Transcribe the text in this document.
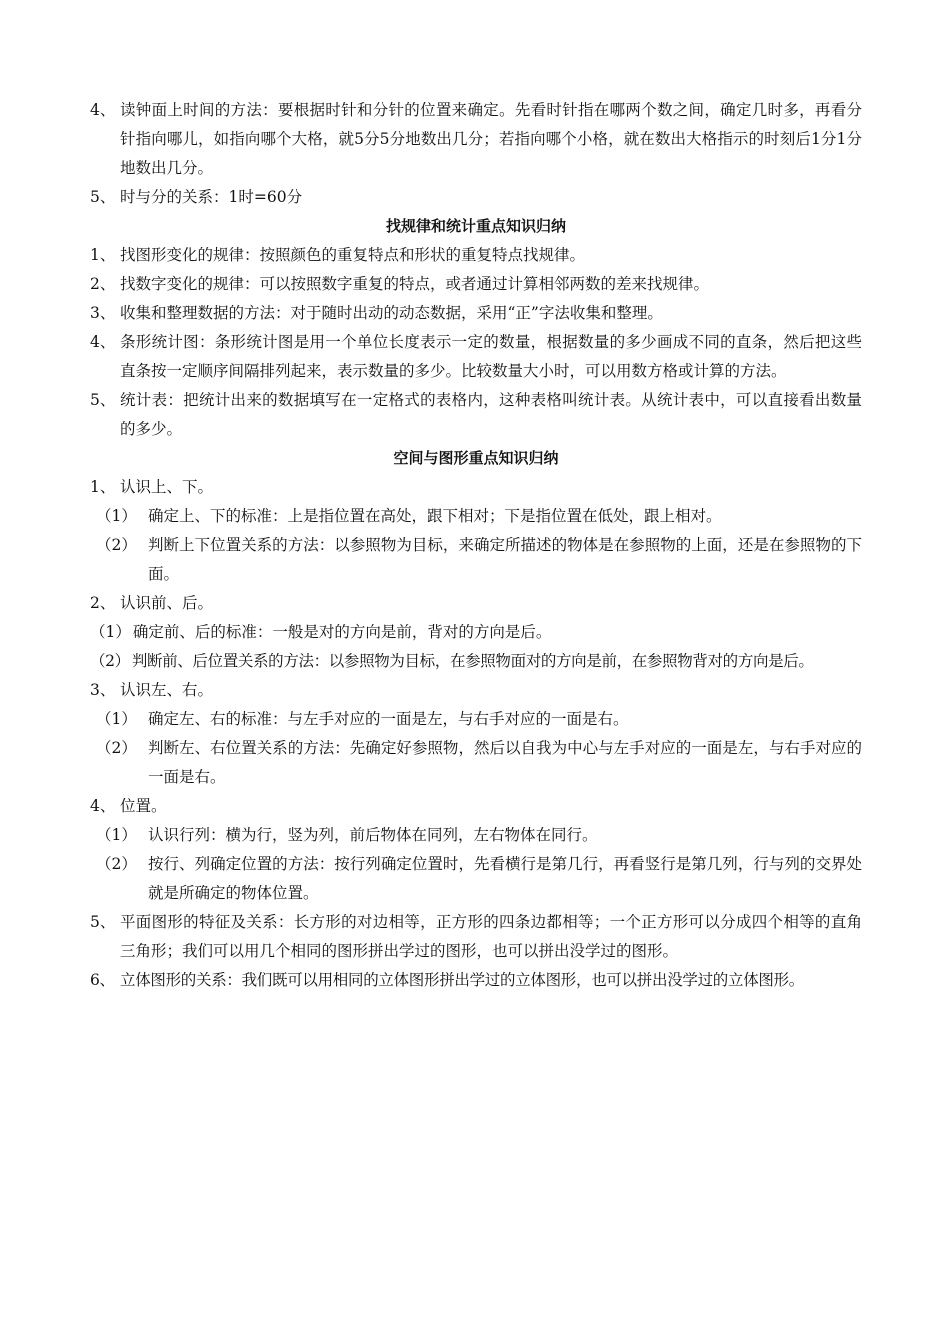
4、 读钟面上时间的方法：要根据时针和分针的位置来确定。先看时针指在哪两个数之间，确定几时多，再看分针指向哪儿，如指向哪个大格，就5分5分地数出几分；若指向哪个小格，就在数出大格指示的时刻后1分1分地数出几分。
5、 时与分的关系：1时=60分
找规律和统计重点知识归纳
1、 找图形变化的规律：按照颜色的重复特点和形状的重复特点找规律。
2、 找数字变化的规律：可以按照数字重复的特点，或者通过计算相邻两数的差来找规律。
3、 收集和整理数据的方法：对于随时出动的动态数据，采用“正”字法收集和整理。
4、 条形统计图：条形统计图是用一个单位长度表示一定的数量，根据数量的多少画成不同的直条，然后把这些直条按一定顺序间隔排列起来，表示数量的多少。比较数量大小时，可以用数方格或计算的方法。
5、 统计表：把统计出来的数据填写在一定格式的表格内，这种表格叫统计表。从统计表中，可以直接看出数量的多少。
空间与图形重点知识归纳
1、 认识上、下。
（1） 确定上、下的标准：上是指位置在高处，跟下相对；下是指位置在低处，跟上相对。
（2） 判断上下位置关系的方法：以参照物为目标，来确定所描述的物体是在参照物的上面，还是在参照物的下面。
2、 认识前、后。
（1） 确定前、后的标准：一般是对的方向是前，背对的方向是后。
（2） 判断前、后位置关系的方法：以参照物为目标，在参照物面对的方向是前，在参照物背对的方向是后。
3、 认识左、右。
（1） 确定左、右的标准：与左手对应的一面是左，与右手对应的一面是右。
（2） 判断左、右位置关系的方法：先确定好参照物，然后以自我为中心与左手对应的一面是左，与右手对应的一面是右。
4、 位置。
（1） 认识行列：横为行，竖为列，前后物体在同列，左右物体在同行。
（2） 按行、列确定位置的方法：按行列确定位置时，先看横行是第几行，再看竖行是第几列，行与列的交界处就是所确定的物体位置。
5、 平面图形的特征及关系：长方形的对边相等，正方形的四条边都相等；一个正方形可以分成四个相等的直角三角形；我们可以用几个相同的图形拼出学过的图形，也可以拼出没学过的图形。
6、 立体图形的关系：我们既可以用相同的立体图形拼出学过的立体图形，也可以拼出没学过的立体图形。
